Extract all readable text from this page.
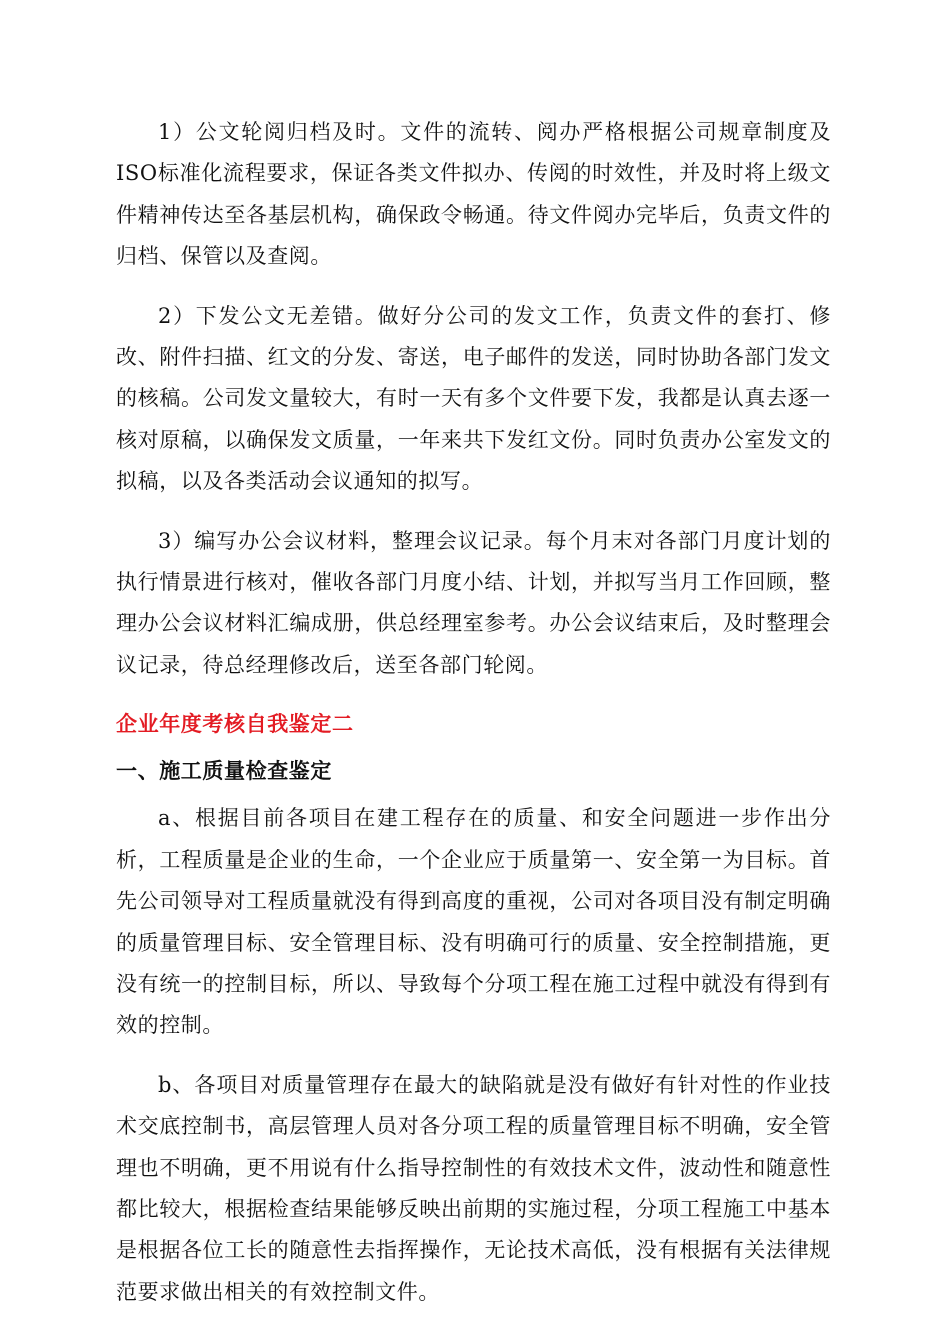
1）公文轮阅归档及时。文件的流转、阅办严格根据公司规章制度及ISO标准化流程要求，保证各类文件拟办、传阅的时效性，并及时将上级文件精神传达至各基层机构，确保政令畅通。待文件阅办完毕后，负责文件的归档、保管以及查阅。

2）下发公文无差错。做好分公司的发文工作，负责文件的套打、修改、附件扫描、红文的分发、寄送，电子邮件的发送，同时协助各部门发文的核稿。公司发文量较大，有时一天有多个文件要下发，我都是认真去逐一核对原稿，以确保发文质量，一年来共下发红文份。同时负责办公室发文的拟稿，以及各类活动会议通知的拟写。

3）编写办公会议材料，整理会议记录。每个月末对各部门月度计划的执行情景进行核对，催收各部门月度小结、计划，并拟写当月工作回顾，整理办公会议材料汇编成册，供总经理室参考。办公会议结束后，及时整理会议记录，待总经理修改后，送至各部门轮阅。

企业年度考核自我鉴定二
一、施工质量检查鉴定

a、根据目前各项目在建工程存在的质量、和安全问题进一步作出分析，工程质量是企业的生命，一个企业应于质量第一、安全第一为目标。首先公司领导对工程质量就没有得到高度的重视，公司对各项目没有制定明确的质量管理目标、安全管理目标、没有明确可行的质量、安全控制措施，更没有统一的控制目标，所以、导致每个分项工程在施工过程中就没有得到有效的控制。

b、各项目对质量管理存在最大的缺陷就是没有做好有针对性的作业技术交底控制书，高层管理人员对各分项工程的质量管理目标不明确，安全管理也不明确，更不用说有什么指导控制性的有效技术文件，波动性和随意性都比较大，根据检查结果能够反映出前期的实施过程，分项工程施工中基本是根据各位工长的随意性去指挥操作，无论技术高低，没有根据有关法律规范要求做出相关的有效控制文件。
